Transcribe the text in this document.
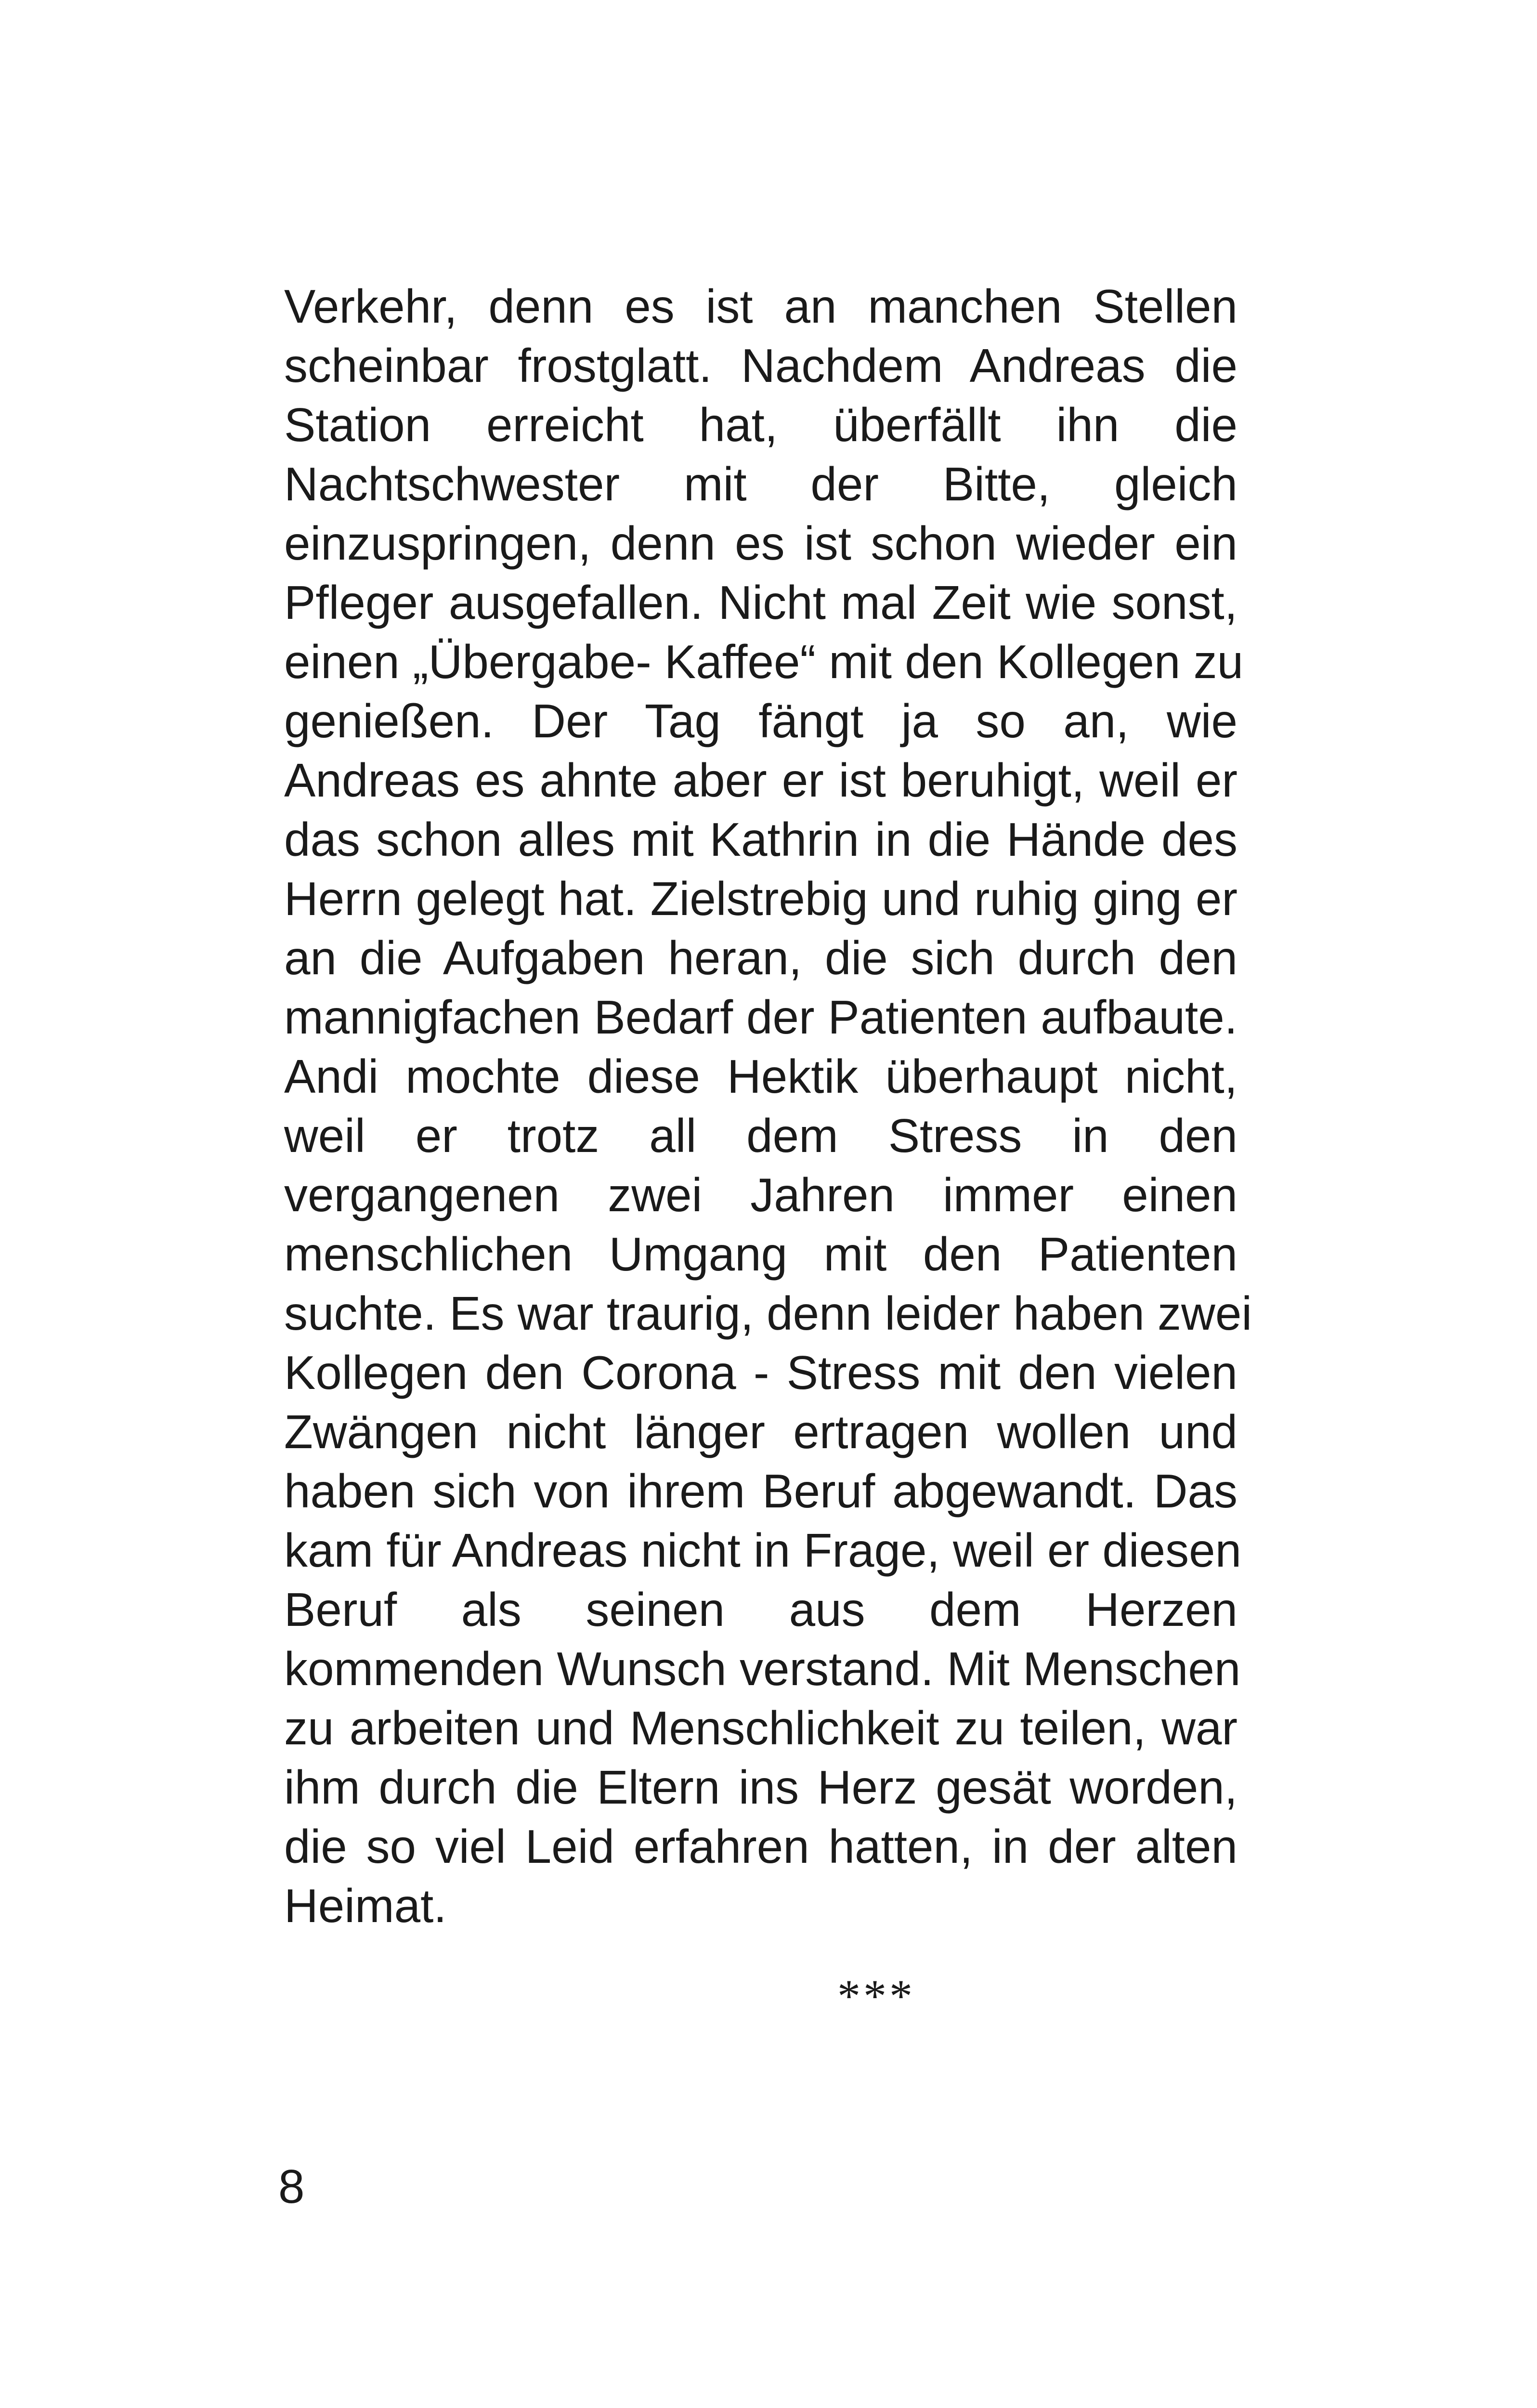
Verkehr, denn es ist an manchen Stellen
scheinbar frostglatt. Nachdem Andreas die
Station erreicht hat, überfällt ihn die
Nachtschwester mit der Bitte, gleich
einzuspringen, denn es ist schon wieder ein
Pfleger ausgefallen. Nicht mal Zeit wie sonst,
einen „Übergabe- Kaffee“ mit den Kollegen zu
genießen. Der Tag fängt ja so an, wie
Andreas es ahnte aber er ist beruhigt, weil er
das schon alles mit Kathrin in die Hände des
Herrn gelegt hat. Zielstrebig und ruhig ging er
an die Aufgaben heran, die sich durch den
mannigfachen Bedarf der Patienten aufbaute.
Andi mochte diese Hektik überhaupt nicht,
weil er trotz all dem Stress in den
vergangenen zwei Jahren immer einen
menschlichen Umgang mit den Patienten
suchte. Es war traurig, denn leider haben zwei
Kollegen den Corona - Stress mit den vielen
Zwängen nicht länger ertragen wollen und
haben sich von ihrem Beruf abgewandt. Das
kam für Andreas nicht in Frage, weil er diesen
Beruf als seinen aus dem Herzen
kommenden Wunsch verstand. Mit Menschen
zu arbeiten und Menschlichkeit zu teilen, war
ihm durch die Eltern ins Herz gesät worden,
die so viel Leid erfahren hatten, in der alten
Heimat.
***
8
